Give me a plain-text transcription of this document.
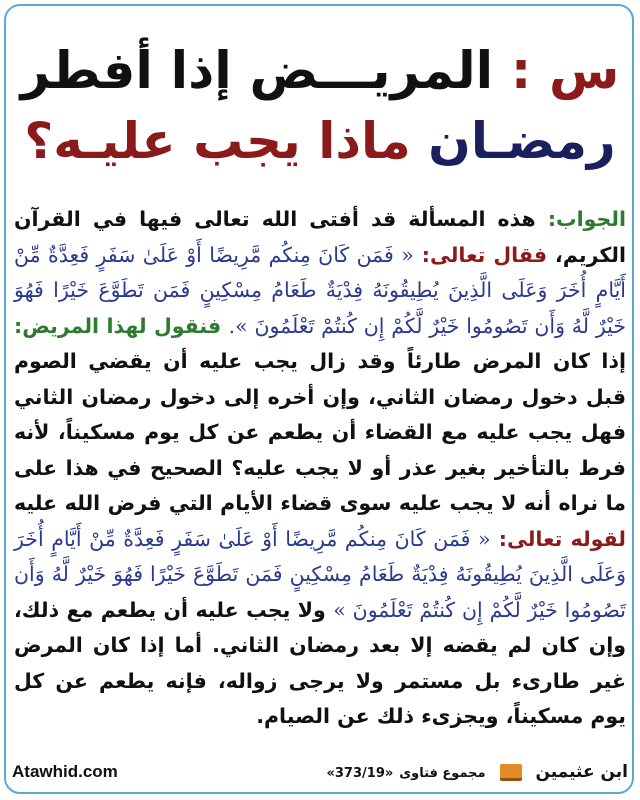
س : المريـــض إذا أفطر
رمضـان ماذا يجب عليـه؟
الجواب: هذه المسألة قد أفتى الله تعالى فيها في القرآن الكريم، فقال تعالى: « فَمَن كَانَ مِنكُم مَّرِيضًا أَوْ عَلَىٰ سَفَرٍ فَعِدَّةٌ مِّنْ أَيَّامٍ أُخَرَ وَعَلَى الَّذِينَ يُطِيقُونَهُ فِدْيَةٌ طَعَامُ مِسْكِينٍ فَمَن تَطَوَّعَ خَيْرًا فَهُوَ خَيْرٌ لَّهُ وَأَن تَصُومُوا خَيْرٌ لَّكُمْ إِن كُنتُمْ تَعْلَمُونَ ». فنقول لهذا المريض: إذا كان المرض طارئاً وقد زال يجب عليه أن يقضي الصوم قبل دخول رمضان الثاني، وإن أخره إلى دخول رمضان الثاني فهل يجب عليه مع القضاء أن يطعم عن كل يوم مسكيناً، لأنه فرط بالتأخير بغير عذر أو لا يجب عليه؟ الصحيح في هذا على ما نراه أنه لا يجب عليه سوى قضاء الأيام التي فرض الله عليه لقوله تعالى: « فَمَن كَانَ مِنكُم مَّرِيضًا أَوْ عَلَىٰ سَفَرٍ فَعِدَّةٌ مِّنْ أَيَّامٍ أُخَرَ وَعَلَى الَّذِينَ يُطِيقُونَهُ فِدْيَةٌ طَعَامُ مِسْكِينٍ فَمَن تَطَوَّعَ خَيْرًا فَهُوَ خَيْرٌ لَّهُ وَأَن تَصُومُوا خَيْرٌ لَّكُمْ إِن كُنتُمْ تَعْلَمُونَ » ولا يجب عليه أن يطعم مع ذلك، وإن كان لم يقضه إلا بعد رمضان الثاني. أما إذا كان المرض غير طارىء بل مستمر ولا يرجى زواله، فإنه يطعم عن كل يوم مسكيناً، ويجزىء ذلك عن الصيام.
Atawhid.com	ابن عثيمين  مجموع فتاوى «373/19»
